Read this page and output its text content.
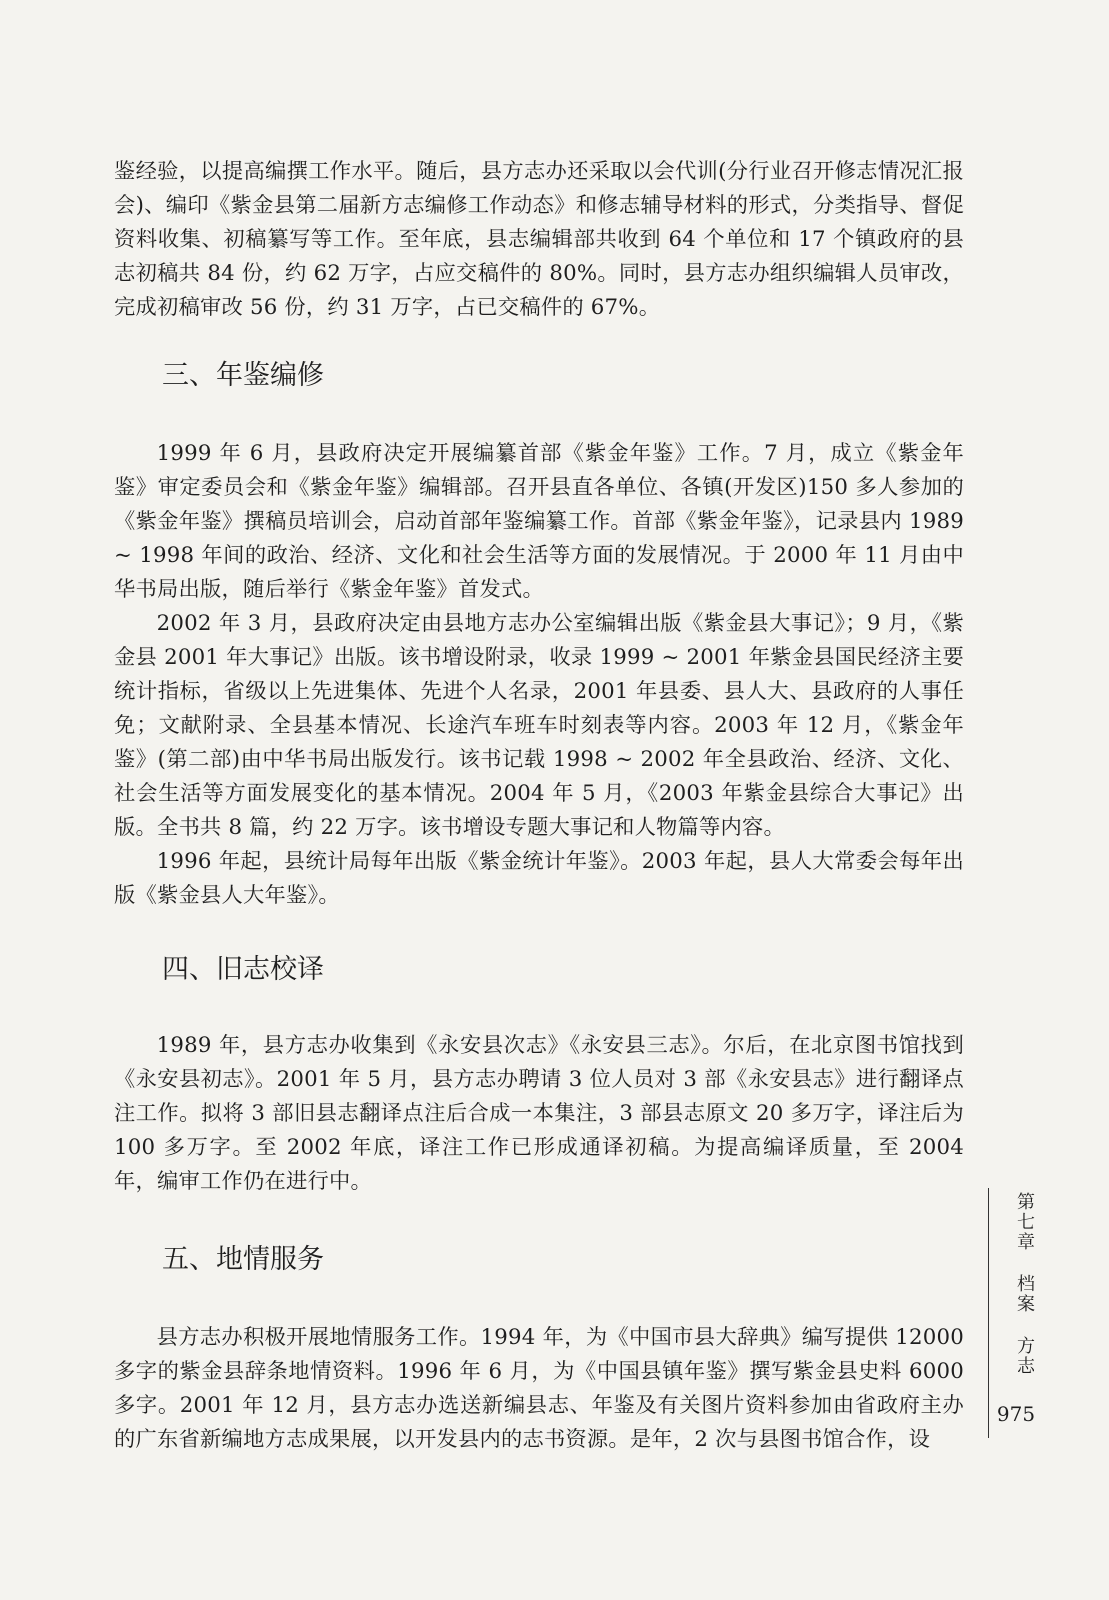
鉴经验，以提高编撰工作水平。随后，县方志办还采取以会代训(分行业召开修志情况汇报会)、编印《紫金县第二届新方志编修工作动态》和修志辅导材料的形式，分类指导、督促资料收集、初稿纂写等工作。至年底，县志编辑部共收到 64 个单位和 17 个镇政府的县志初稿共 84 份，约 62 万字，占应交稿件的 80%。同时，县方志办组织编辑人员审改，完成初稿审改 56 份，约 31 万字，占已交稿件的 67%。

三、年鉴编修

1999 年 6 月，县政府决定开展编纂首部《紫金年鉴》工作。7 月，成立《紫金年鉴》审定委员会和《紫金年鉴》编辑部。召开县直各单位、各镇(开发区)150 多人参加的《紫金年鉴》撰稿员培训会，启动首部年鉴编纂工作。首部《紫金年鉴》，记录县内 1989 ~ 1998 年间的政治、经济、文化和社会生活等方面的发展情况。于 2000 年 11 月由中华书局出版，随后举行《紫金年鉴》首发式。

2002 年 3 月，县政府决定由县地方志办公室编辑出版《紫金县大事记》；9 月，《紫金县 2001 年大事记》出版。该书增设附录，收录 1999 ~ 2001 年紫金县国民经济主要统计指标，省级以上先进集体、先进个人名录，2001 年县委、县人大、县政府的人事任免；文献附录、全县基本情况、长途汽车班车时刻表等内容。2003 年 12 月，《紫金年鉴》(第二部)由中华书局出版发行。该书记载 1998 ~ 2002 年全县政治、经济、文化、社会生活等方面发展变化的基本情况。2004 年 5 月，《2003 年紫金县综合大事记》出版。全书共 8 篇，约 22 万字。该书增设专题大事记和人物篇等内容。

1996 年起，县统计局每年出版《紫金统计年鉴》。2003 年起，县人大常委会每年出版《紫金县人大年鉴》。

四、旧志校译

1989 年，县方志办收集到《永安县次志》《永安县三志》。尔后，在北京图书馆找到《永安县初志》。2001 年 5 月，县方志办聘请 3 位人员对 3 部《永安县志》进行翻译点注工作。拟将 3 部旧县志翻译点注后合成一本集注，3 部县志原文 20 多万字，译注后为 100 多万字。至 2002 年底，译注工作已形成通译初稿。为提高编译质量，至 2004 年，编审工作仍在进行中。

五、地情服务

县方志办积极开展地情服务工作。1994 年，为《中国市县大辞典》编写提供 12000 多字的紫金县辞条地情资料。1996 年 6 月，为《中国县镇年鉴》撰写紫金县史料 6000 多字。2001 年 12 月，县方志办选送新编县志、年鉴及有关图片资料参加由省政府主办的广东省新编地方志成果展，以开发县内的志书资源。是年，2 次与县图书馆合作，设

第七章
档案
方志
975
